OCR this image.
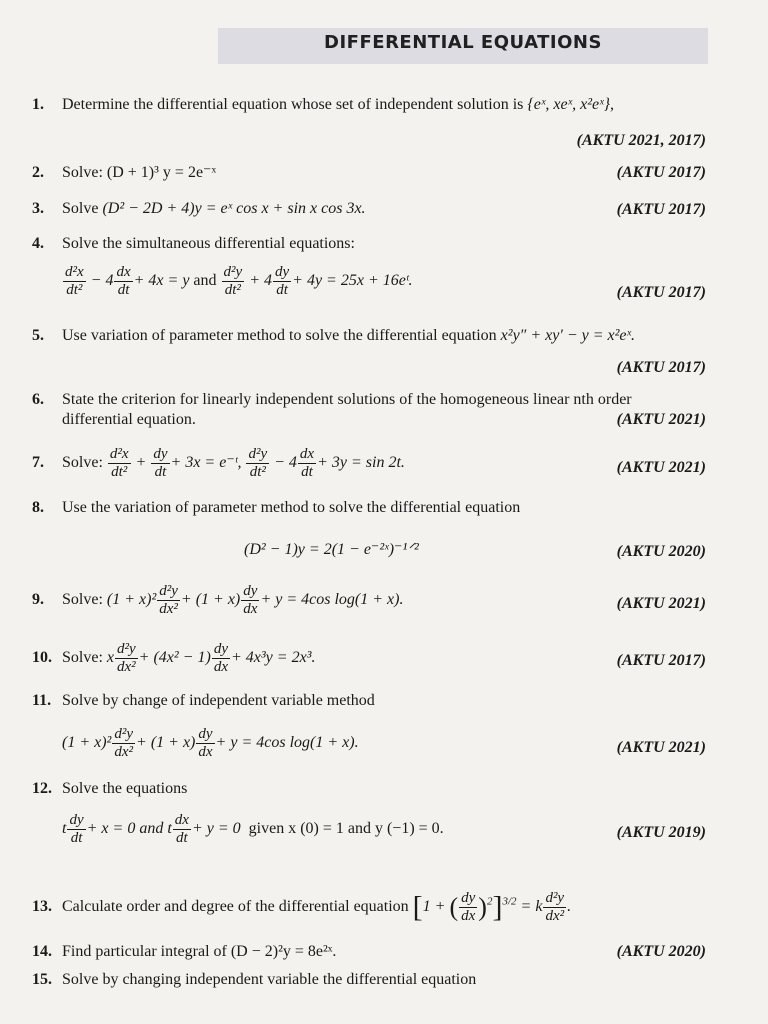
DIFFERENTIAL EQUATIONS
1. Determine the differential equation whose set of independent solution is {eˣ, xeˣ, x²eˣ},
(AKTU 2021, 2017)
2. Solve: (D + 1)³ y = 2e⁻ˣ	(AKTU 2017)
3. Solve (D² − 2D + 4)y = eˣ cos x + sin x cos 3x.	(AKTU 2017)
4. Solve the simultaneous differential equations:
$\frac{\text{d²x}}{\text{dt²}} - 4 \frac{dx}{dt} + 4x = y$ and $\frac{\text{d²y}}{\text{dt²}} + 4 \frac{dy}{dt} + 4y = 25x$ + 16eᵗ.
(AKTU 2017)
5. Use variation of parameter method to solve the differential equation x²y″ + xy′ − y = x²eˣ.
(AKTU 2017)
6. State the criterion for linearly independent solutions of the homogeneous linear nth order
differential equation.	(AKTU 2021)
7. Solve: $\frac{\text{d²x}}{\text{dt²}} + \frac{dy}{dt} + 3x$ = e⁻ᵗ, $\frac{\text{d²y}}{\text{dt²}} - 4 \frac{dx}{dt} + 3y = \sin 2t$.	(AKTU 2021)
8. Use the variation of parameter method to solve the differential equation
(D² − 1)y = 2(1 − e⁻²ˣ)⁻¹ᐟ²	(AKTU 2020)
9. Solve: $(1 + x)^2 \frac{\text{d²y}}{\text{dx²}} + (1 + x) \frac{dy}{dx} + y = 4\cos$ log(1 + x).	(AKTU 2021)
10. Solve: x $\frac{\text{d²y}}{\text{dx²}} + (4x^2 - 1) \frac{dy}{dx} + 4x^3y = 2x^3$.	(AKTU 2017)
11. Solve by change of independent variable method
$(1 + x)^2 \frac{\text{d²y}}{\text{dx²}} + (1 + x) \frac{dy}{dx} + y = 4\cos$ log(1 + x).	(AKTU 2021)
12. Solve the equations
t $\frac{dy}{dt} + x = 0$ and t $\frac{dx}{dt} + y = 0$ given x (0) = 1 and y (−1) = 0.	(AKTU 2019)
13. Calculate order and degree of the differential equation [1 + ( $\frac{dy}{dx} )^2]^{3/2} = k \frac{\text{d²y}}{\text{dx²}}$ .
14. Find particular integral of (D − 2)²y = 8e²ˣ.	(AKTU 2020)
15. Solve by changing independent variable the differential equation
